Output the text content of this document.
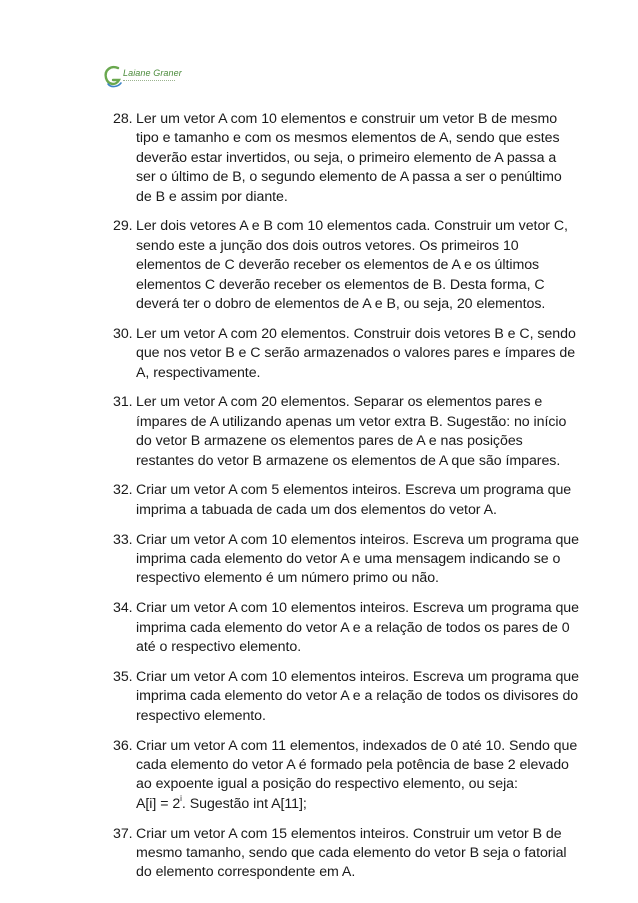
Laiane Graner
28. Ler um vetor A com 10 elementos e construir um vetor B de mesmo
tipo e tamanho e com os mesmos elementos de A, sendo que estes
deverão estar invertidos, ou seja, o primeiro elemento de A passa a
ser o último de B, o segundo elemento de A passa a ser o penúltimo
de B e assim por diante.
29. Ler dois vetores A e B com 10 elementos cada. Construir um vetor C,
sendo este a junção dos dois outros vetores. Os primeiros 10
elementos de C deverão receber os elementos de A e os últimos
elementos C deverão receber os elementos de B. Desta forma, C
deverá ter o dobro de elementos de A e B, ou seja, 20 elementos.
30. Ler um vetor A com 20 elementos. Construir dois vetores B e C, sendo
que nos vetor B e C serão armazenados o valores pares e ímpares de
A, respectivamente.
31. Ler um vetor A com 20 elementos. Separar os elementos pares e
ímpares de A utilizando apenas um vetor extra B. Sugestão: no início
do vetor B armazene os elementos pares de A e nas posições
restantes do vetor B armazene os elementos de A que são ímpares.
32. Criar um vetor A com 5 elementos inteiros. Escreva um programa que
imprima a tabuada de cada um dos elementos do vetor A.
33. Criar um vetor A com 10 elementos inteiros. Escreva um programa que
imprima cada elemento do vetor A e uma mensagem indicando se o
respectivo elemento é um número primo ou não.
34. Criar um vetor A com 10 elementos inteiros. Escreva um programa que
imprima cada elemento do vetor A e a relação de todos os pares de 0
até o respectivo elemento.
35. Criar um vetor A com 10 elementos inteiros. Escreva um programa que
imprima cada elemento do vetor A e a relação de todos os divisores do
respectivo elemento.
36. Criar um vetor A com 11 elementos, indexados de 0 até 10. Sendo que
cada elemento do vetor A é formado pela potência de base 2 elevado
ao expoente igual a posição do respectivo elemento, ou seja:
$A[i] = 2^i$. Sugestão int A[11];
37. Criar um vetor A com 15 elementos inteiros. Construir um vetor B de
mesmo tamanho, sendo que cada elemento do vetor B seja o fatorial
do elemento correspondente em A.
